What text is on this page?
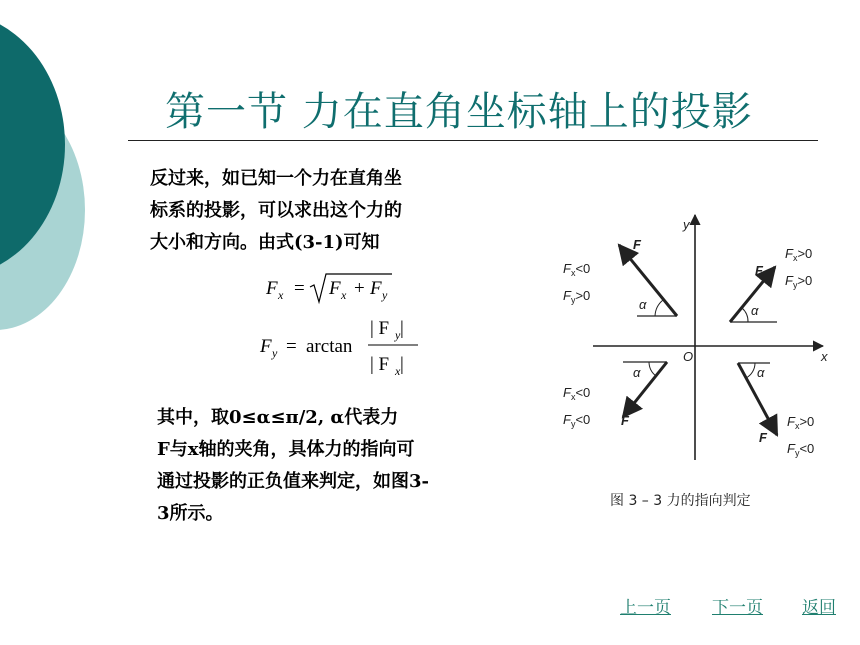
第一节 力在直角坐标轴上的投影
反过来，如已知一个力在直角坐
标系的投影，可以求出这个力的
大小和方向。由式(3-1)可知
F x = F x + F y
F y = arctan
| F y |
| F x |
其中，取0≤α≤π/2, α代表力
F与x轴的夹角，具体力的指向可
通过投影的正负值来判定，如图3-
3所示。
y
x
O
α
F
$F_x>0$
$F_y>0$
α
F
$F_x<0$
$F_y>0$
α
F
$F_x<0$
$F_y<0$
α
F
$F_x>0$
$F_y<0$
图 3 – 3 力的指向判定
上一页 下一页 返回
